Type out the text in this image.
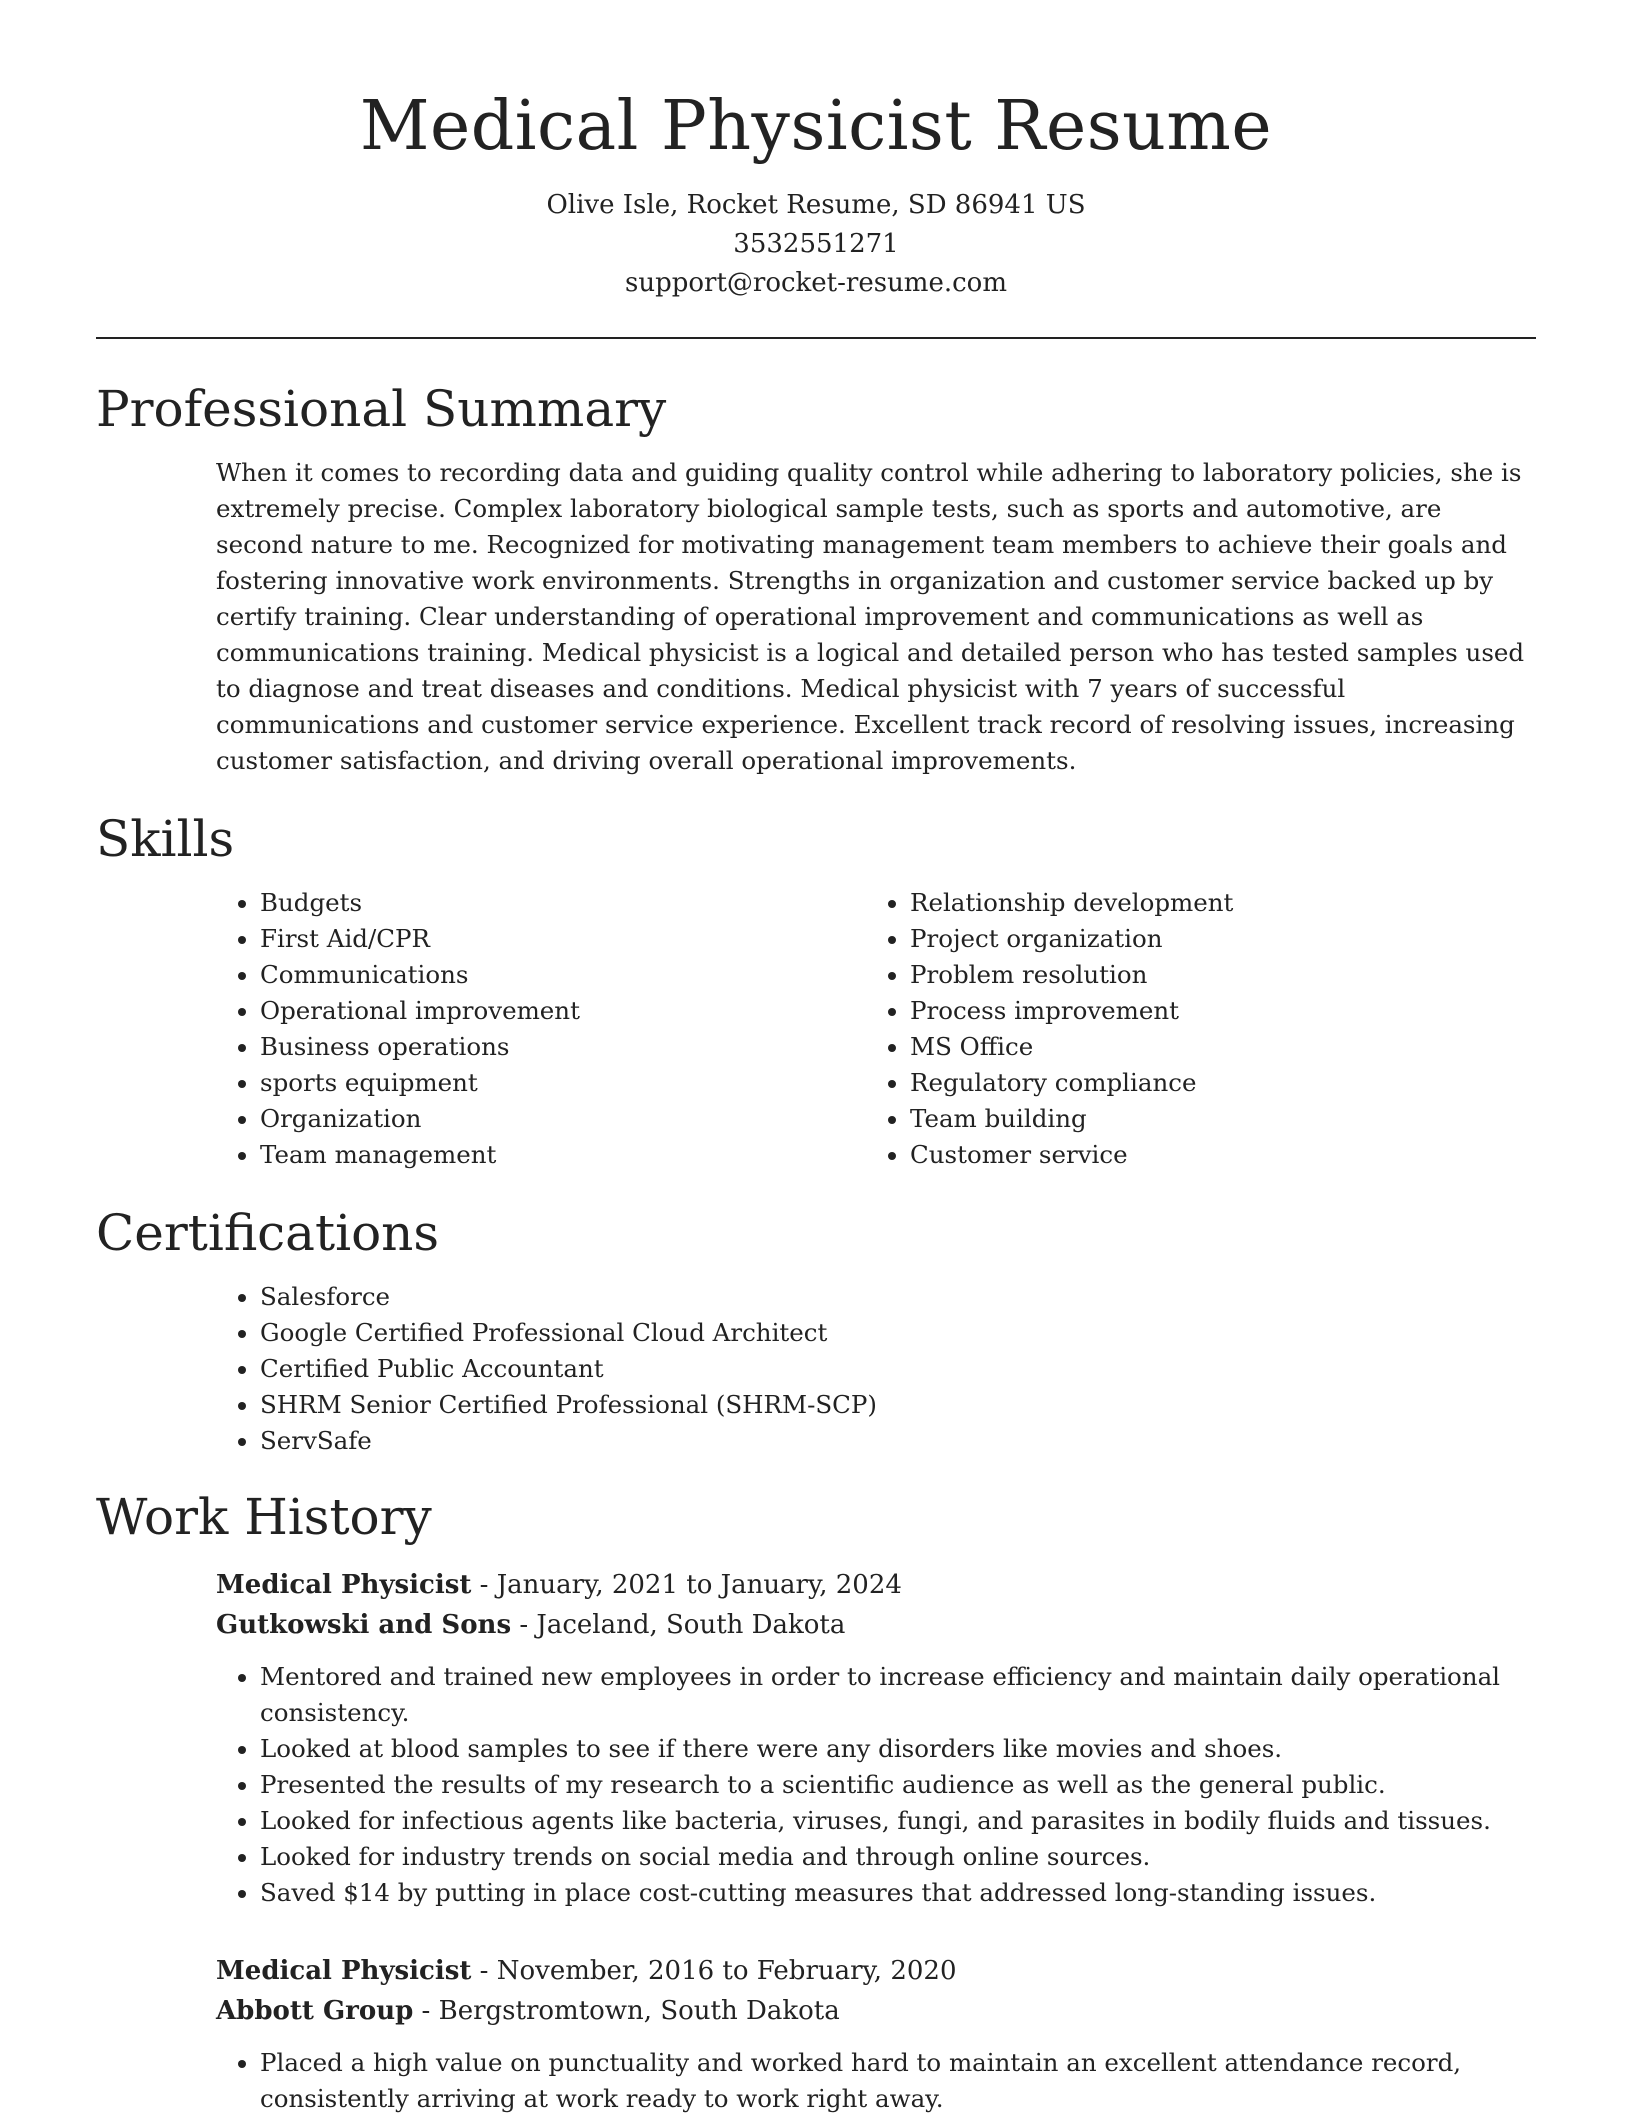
Medical Physicist Resume
Olive Isle, Rocket Resume, SD 86941 US
3532551271
support@rocket-resume.com
Professional Summary
When it comes to recording data and guiding quality control while adhering to laboratory policies, she is extremely precise. Complex laboratory biological sample tests, such as sports and automotive, are second nature to me. Recognized for motivating management team members to achieve their goals and fostering innovative work environments. Strengths in organization and customer service backed up by certify training. Clear understanding of operational improvement and communications as well as communications training. Medical physicist is a logical and detailed person who has tested samples used to diagnose and treat diseases and conditions. Medical physicist with 7 years of successful communications and customer service experience. Excellent track record of resolving issues, increasing customer satisfaction, and driving overall operational improvements.
Skills
• Budgets
• First Aid/CPR
• Communications
• Operational improvement
• Business operations
• sports equipment
• Organization
• Team management
• Relationship development
• Project organization
• Problem resolution
• Process improvement
• MS Office
• Regulatory compliance
• Team building
• Customer service
Certifications
• Salesforce
• Google Certified Professional Cloud Architect
• Certified Public Accountant
• SHRM Senior Certified Professional (SHRM-SCP)
• ServSafe
Work History
Medical Physicist - January, 2021 to January, 2024
Gutkowski and Sons - Jaceland, South Dakota
• Mentored and trained new employees in order to increase efficiency and maintain daily operational consistency.
• Looked at blood samples to see if there were any disorders like movies and shoes.
• Presented the results of my research to a scientific audience as well as the general public.
• Looked for infectious agents like bacteria, viruses, fungi, and parasites in bodily fluids and tissues.
• Looked for industry trends on social media and through online sources.
• Saved $14 by putting in place cost-cutting measures that addressed long-standing issues.
Medical Physicist - November, 2016 to February, 2020
Abbott Group - Bergstromtown, South Dakota
• Placed a high value on punctuality and worked hard to maintain an excellent attendance record, consistently arriving at work ready to work right away.
